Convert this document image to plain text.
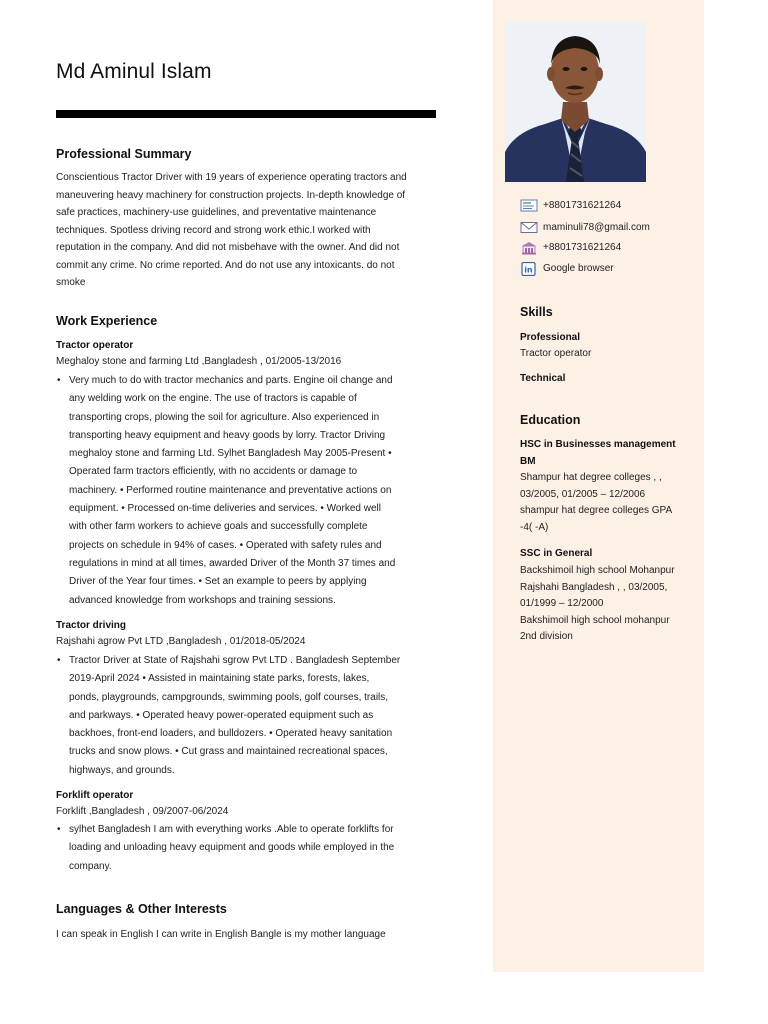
Md Aminul Islam
Professional Summary
Conscientious Tractor Driver with 19 years of experience operating tractors and
maneuvering heavy machinery for construction projects. In-depth knowledge of
safe practices, machinery-use guidelines, and preventative maintenance
techniques. Spotless driving record and strong work ethic.I worked with
reputation in the company. And did not misbehave with the owner. And did not
commit any crime. No crime reported. And do not use any intoxicants. do not
smoke
Work Experience
Tractor operator
Meghaloy stone and farming Ltd ,Bangladesh , 01/2005-13/2016
• Very much to do with tractor mechanics and parts. Engine oil change and
any welding work on the engine. The use of tractors is capable of
transporting crops, plowing the soil for agriculture. Also experienced in
transporting heavy equipment and heavy goods by lorry. Tractor Driving
meghaloy stone and farming Ltd. Sylhet Bangladesh May 2005-Present •
Operated farm tractors efficiently, with no accidents or damage to
machinery. • Performed routine maintenance and preventative actions on
equipment. • Processed on-time deliveries and services. • Worked well
with other farm workers to achieve goals and successfully complete
projects on schedule in 94% of cases. • Operated with safety rules and
regulations in mind at all times, awarded Driver of the Month 37 times and
Driver of the Year four times. • Set an example to peers by applying
advanced knowledge from workshops and training sessions.
Tractor driving
Rajshahi agrow Pvt LTD ,Bangladesh , 01/2018-05/2024
• Tractor Driver at State of Rajshahi sgrow Pvt LTD . Bangladesh September
2019-April 2024 • Assisted in maintaining state parks, forests, lakes,
ponds, playgrounds, campgrounds, swimming pools, golf courses, trails,
and parkways. • Operated heavy power-operated equipment such as
backhoes, front-end loaders, and bulldozers. • Operated heavy sanitation
trucks and snow plows. • Cut grass and maintained recreational spaces,
highways, and grounds.
Forklift operator
Forklift ,Bangladesh , 09/2007-06/2024
• sylhet Bangladesh I am with everything works .Able to operate forklifts for
loading and unloading heavy equipment and goods while employed in the
company.
Languages & Other Interests
I can speak in English I can write in English Bangle is my mother language
+8801731621264
maminuli78@gmail.com
+8801731621264
in Google browser
Skills
Professional
Tractor operator
Technical
Education
HSC in Businesses management
BM
Shampur hat degree colleges , ,
03/2005, 01/2005 – 12/2006
shampur hat degree colleges GPA
-4( -A)
SSC in General
Backshimoil high school Mohanpur
Rajshahi Bangladesh , , 03/2005,
01/1999 – 12/2000
Bakshimoil high school mohanpur
2nd division
